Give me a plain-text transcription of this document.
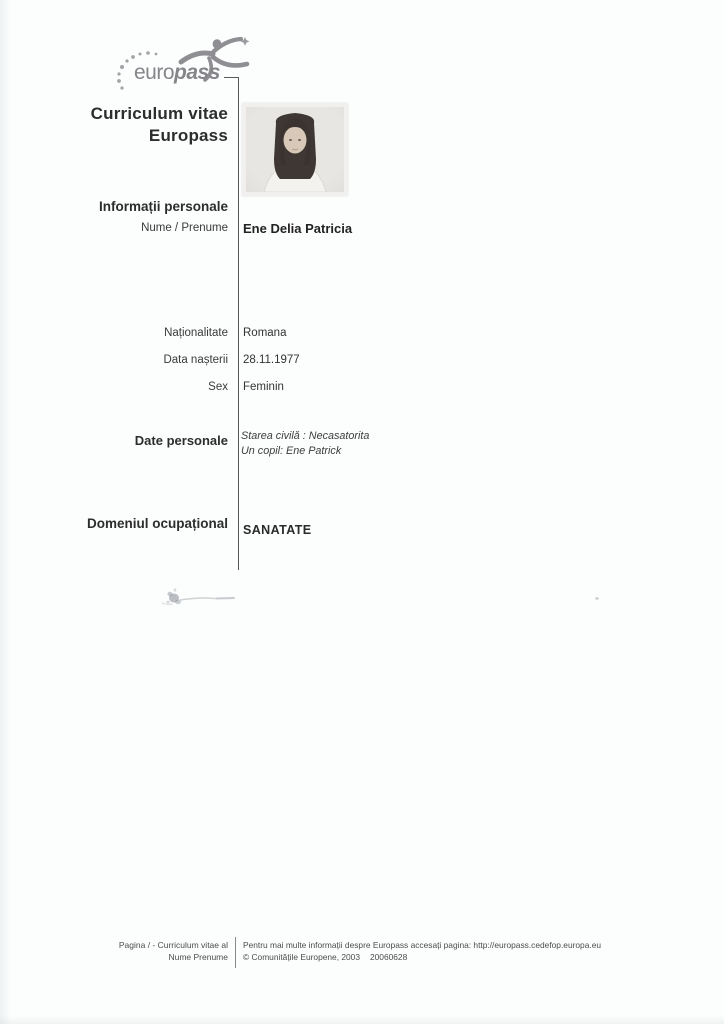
europass
Curriculum vitae
Europass
Informații personale
Nume / Prenume Ene Delia Patricia
Naționalitate Romana
Data nașterii 28.11.1977
Sex Feminin
Date personale Starea civilă : Necasatorita
Un copil: Ene Patrick
Domeniul ocupațional SANATATE
Pagina / - Curriculum vitae al
Nume Prenume
Pentru mai multe informații despre Europass accesați pagina: http://europass.cedefop.europa.eu
© Comunitățile Europene, 2003 20060628
